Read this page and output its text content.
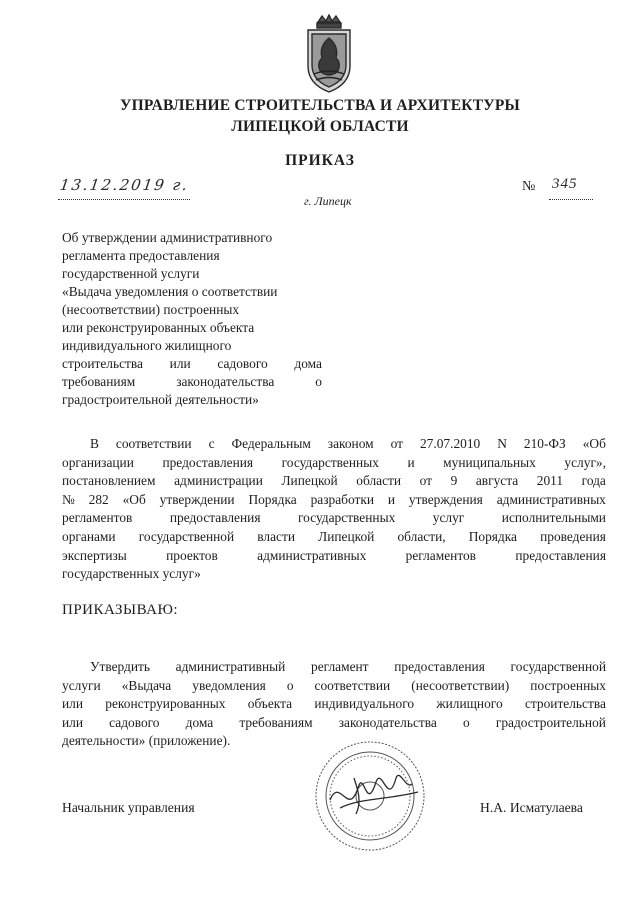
УПРАВЛЕНИЕ СТРОИТЕЛЬСТВА И АРХИТЕКТУРЫ
ЛИПЕЦКОЙ ОБЛАСТИ
ПРИКАЗ
13.12.2019 г.
г. Липецк
№ 345
Об утверждении административного
регламента предоставления
государственной услуги
«Выдача уведомления о соответствии
(несоответствии) построенных
или реконструированных объекта
индивидуального жилищного
строительства или садового дома
требованиям	законодательства	о
градостроительной деятельности»
В соответствии с Федеральным законом от 27.07.2010 N 210-ФЗ «Об
организации предоставления государственных и муниципальных услуг»,
постановлением администрации Липецкой области от 9 августа 2011 года
№ 282 «Об утверждении Порядка разработки и утверждения административных
регламентов	предоставления	государственных	услуг	исполнительными
органами государственной власти Липецкой области, Порядка проведения
экспертизы	проектов	административных	регламентов	предоставления
государственных услуг»
ПРИКАЗЫВАЮ:
Утвердить административный регламент предоставления государственной
услуги «Выдача уведомления о соответствии (несоответствии) построенных
или реконструированных объекта индивидуального жилищного строительства
или садового дома требованиям законодательства о градостроительной
деятельности» (приложение).
Начальник управления	Н.А. Исматулаева
